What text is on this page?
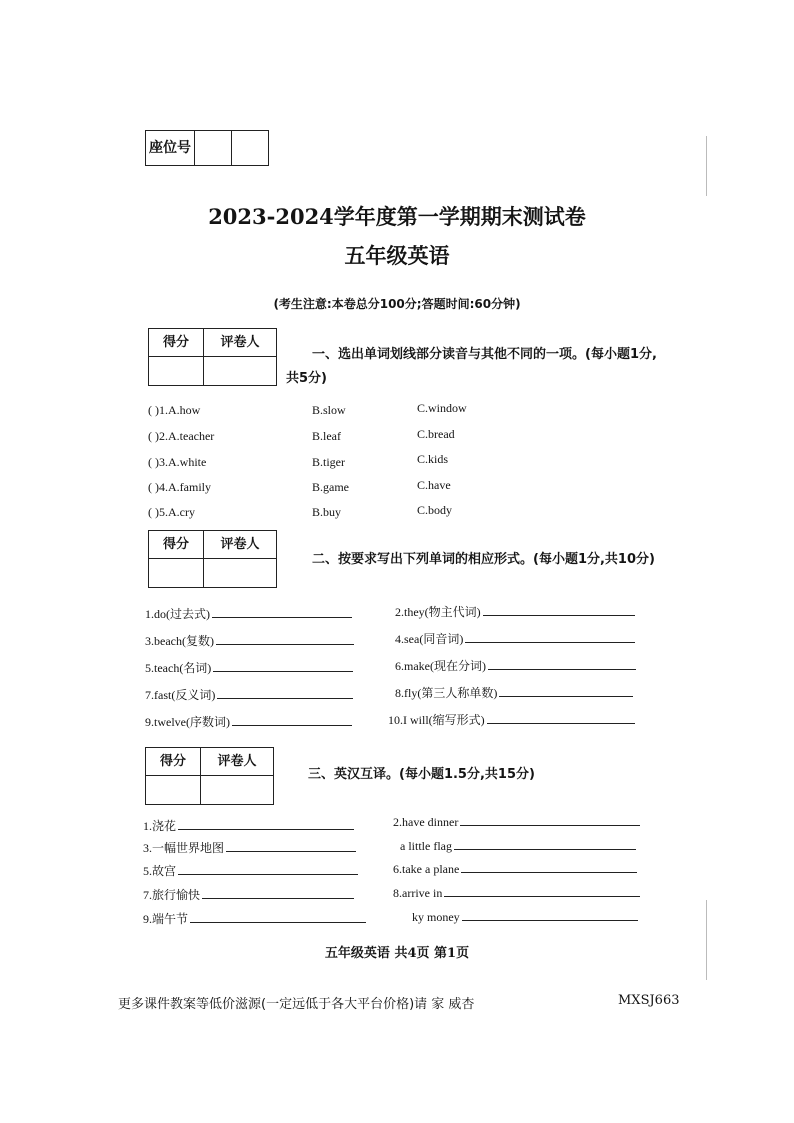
座位号
2023-2024学年度第一学期期末测试卷
五年级英语
(考生注意:本卷总分100分;答题时间:60分钟)
得分	评卷人
一、选出单词划线部分读音与其他不同的一项。(每小题1分,
共5分)
( )1.A.how	B.slow	C.window
( )2.A.teacher	B.leaf	C.bread
( )3.A.white	B.tiger	C.kids
( )4.A.family	B.game	C.have
( )5.A.cry	B.buy	C.body
得分	评卷人
二、按要求写出下列单词的相应形式。(每小题1分,共10分)
1.do(过去式)	2.they(物主代词)
3.beach(复数)	4.sea(同音词)
5.teach(名词)	6.make(现在分词)
7.fast(反义词)	8.fly(第三人称单数)
9.twelve(序数词)	10.I will(缩写形式)
得分	评卷人
三、英汉互译。(每小题1.5分,共15分)
1.浇花	2.have dinner
3.一幅世界地图	a little flag
5.故宫	6.take a plane
7.旅行愉快	8.arrive in
9.端午节	ky money
五年级英语 共4页 第1页
更多课件教案等低价滋源(一定远低于各大平台价格)请 家 威杏	MXSJ663
